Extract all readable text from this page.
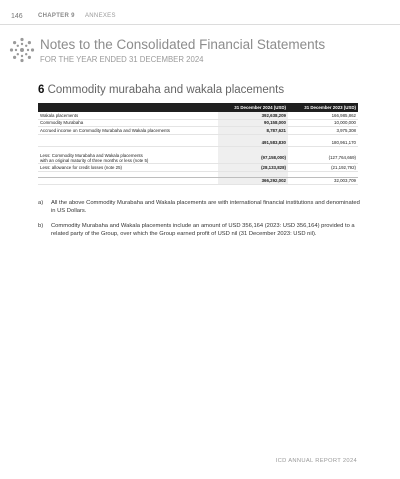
146	CHAPTER 9 ANNEXES
Notes to the Consolidated Financial Statements
FOR THE YEAR ENDED 31 DECEMBER 2024
6 Commodity murabaha and wakala placements
	31 December 2024 (USD)	31 December 2023 (USD)
Wakala placements	392,638,209	166,985,862
Commodity Murabaha	90,158,000	10,000,000
Accrued income on Commodity Murabaha and Wakala placements	8,787,621	3,975,308

	491,583,830	180,961,170

Less: Commodity Murabaha and Wakala placements
with an original maturity of three months or less (note 5)	(97,158,000)	(127,764,669)
Less: allowance for credit losses (note 25)	(28,133,828)	(21,192,792)

	366,292,002	32,003,709
a) All the above Commodity Murabaha and Wakala placements are with international financial institutions and denominated in US Dollars.
b) Commodity Murabaha and Wakala placements include an amount of USD 356,164 (2023: USD 356,164) provided to a related party of the Group, over which the Group earned profit of USD nil (31 December 2023: USD nil).
ICD ANNUAL REPORT 2024
